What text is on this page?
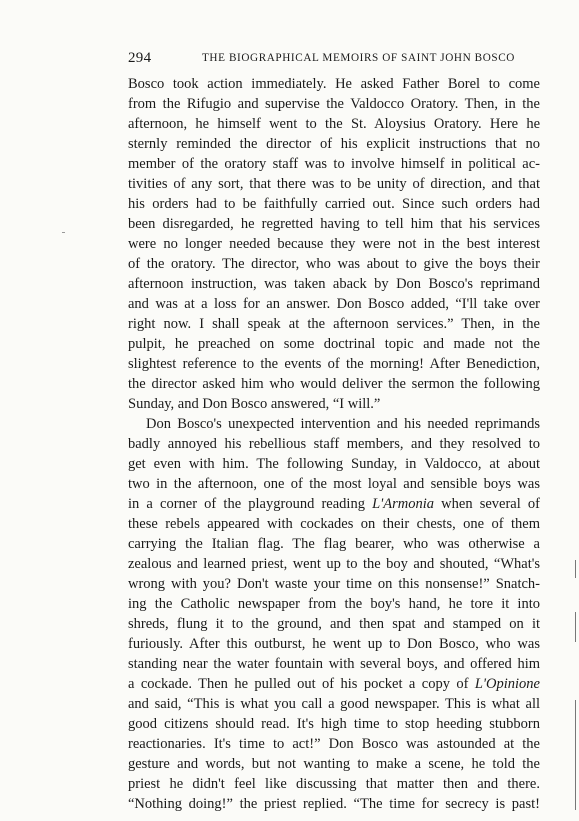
294	THE BIOGRAPHICAL MEMOIRS OF SAINT JOHN BOSCO

Bosco took action immediately. He asked Father Borel to come
from the Rifugio and supervise the Valdocco Oratory. Then, in the
afternoon, he himself went to the St. Aloysius Oratory. Here he
sternly reminded the director of his explicit instructions that no
member of the oratory staff was to involve himself in political ac-
tivities of any sort, that there was to be unity of direction, and that
his orders had to be faithfully carried out. Since such orders had
been disregarded, he regretted having to tell him that his services
were no longer needed because they were not in the best interest
of the oratory. The director, who was about to give the boys their
afternoon instruction, was taken aback by Don Bosco's reprimand
and was at a loss for an answer. Don Bosco added, “I'll take over
right now. I shall speak at the afternoon services.” Then, in the
pulpit, he preached on some doctrinal topic and made not the
slightest reference to the events of the morning! After Benediction,
the director asked him who would deliver the sermon the following
Sunday, and Don Bosco answered, “I will.”

Don Bosco's unexpected intervention and his needed reprimands
badly annoyed his rebellious staff members, and they resolved to
get even with him. The following Sunday, in Valdocco, at about
two in the afternoon, one of the most loyal and sensible boys was
in a corner of the playground reading L'Armonia when several of
these rebels appeared with cockades on their chests, one of them
carrying the Italian flag. The flag bearer, who was otherwise a
zealous and learned priest, went up to the boy and shouted, “What's
wrong with you? Don't waste your time on this nonsense!” Snatch-
ing the Catholic newspaper from the boy's hand, he tore it into
shreds, flung it to the ground, and then spat and stamped on it
furiously. After this outburst, he went up to Don Bosco, who was
standing near the water fountain with several boys, and offered him
a cockade. Then he pulled out of his pocket a copy of L'Opinione
and said, “This is what you call a good newspaper. This is what all
good citizens should read. It's high time to stop heeding stubborn
reactionaries. It's time to act!” Don Bosco was astounded at the
gesture and words, but not wanting to make a scene, he told the
priest he didn't feel like discussing that matter then and there.
“Nothing doing!” the priest replied. “The time for secrecy is past!
